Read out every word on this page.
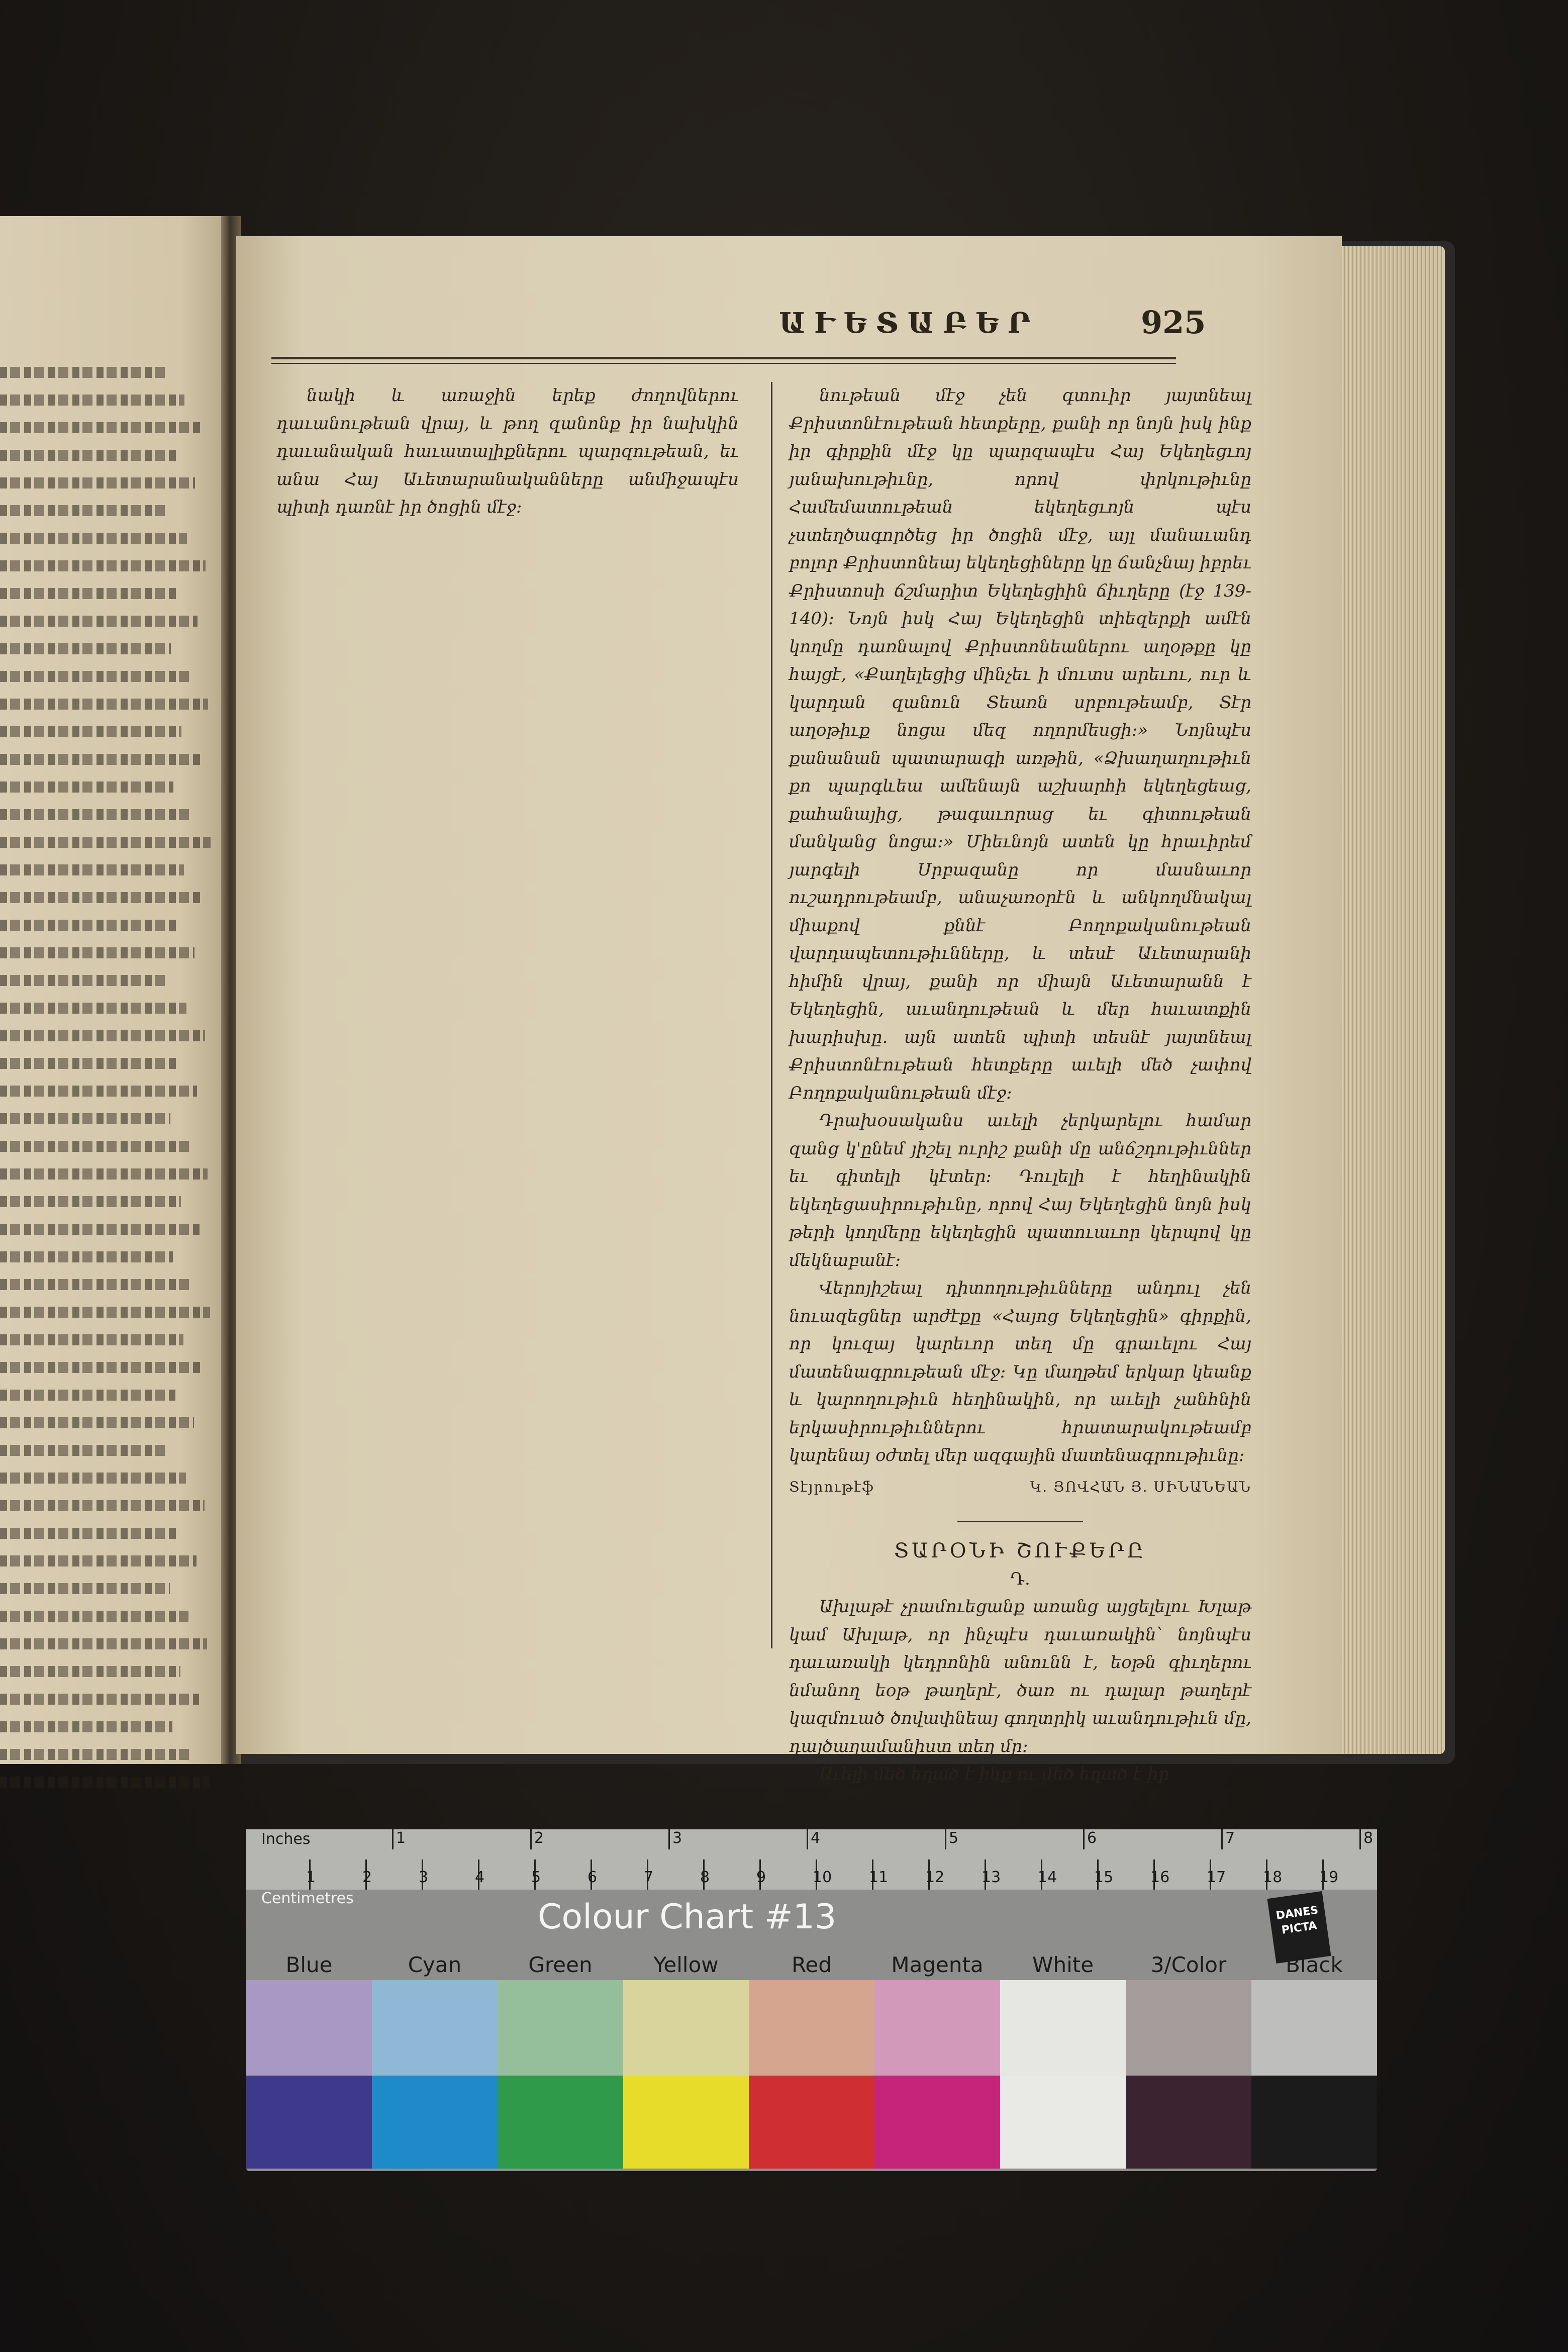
ԱՒԵՏԱԲԵՐ	925

նակի և առաջին երեք ժողովներու դաւանութեան վրայ, և թող զանոնք իր նախկին դաւանական հաւատալիքներու պարզութեան, եւ անա Հայ Աւետարանականները անմիջապէս պիտի դառնէ իր ծոցին մէջ։

նութեան մէջ չեն գտուիր յայտնեալ Քրիստոնէութեան հետքերը, քանի որ նոյն իսկ ինք իր գիրքին մէջ կը պարզապէս Հայ Եկեղեցւոյ յանախութիւնը, որով փրկութիւնը Համեմատութեան եկեղեցւոյն պէս չստեղծագործեց իր ծոցին մէջ, այլ մանաւանդ բոլոր Քրիստոնեայ եկեղեցիները կը ճանչնայ իբրեւ Քրիստոսի ճշմարիտ Եկեղեցիին ճիւղերը (էջ 139-140)։ Նոյն իսկ Հայ Եկեղեցին տիեզերքի ամէն կողմը դառնալով Քրիստոնեաներու աղօթքը կը հայցէ, «Քաղելեցից մինչեւ ի մուտս արեւու, ուր և կարդան զանուն Տեառն սրբութեամբ, Տէր աղօթիւք նոցա մեզ ողորմեսցի։» Նոյնպէս քանանան պատարագի առթին, «Ձխաղաղութիւն քո պարգևեա ամենայն աշխարհի եկեղեցեաց, քահանայից, թագաւորաց եւ գիտութեան մանկանց նոցա։» Միեւնոյն ատեն կը հրաւիրեմ յարգելի Սրբազանը որ մասնաւոր ուշադրութեամբ, անաչառօրէն և անկողմնակալ միաքով քննէ Բողոքականութեան վարդապետութիւնները, և տեսէ Աւետարանի հիմին վրայ, քանի որ միայն Աւետարանն է Եկեղեցին, աւանդութեան և մեր հաւատքին խարիսխը․ այն ատեն պիտի տեսնէ յայտնեալ Քրիստոնէութեան հետքերը աւելի մեծ չափով Բողոքականութեան մէջ։

Դրախօսականս աւելի չերկարելու համար զանց կ'ընեմ յիշել ուրիշ քանի մը անճշդութիւններ եւ գիտելի կէտեր։ Դուլելի է հեղինակին եկեղեցասիրութիւնը, որով Հայ Եկեղեցին նոյն իսկ թերի կողմերը եկեղեցին պատուաւոր կերպով կը մեկնաբանէ։

Վերոյիշեալ դիտողութիւնները անդուլ չեն նուազեցներ արժէքը «Հայոց Եկեղեցին» գիրքին, որ կուզայ կարեւոր տեղ մը գրաւելու Հայ մատենագրութեան մէջ։ Կը մաղթեմ երկար կեանք և կարողութիւն հեղինակին, որ աւելի չանհնին երկասիրութիւններու հրատարակութեամբ կարենայ օժտել մեր ազգային մատենագրութիւնը։

Տէյրութէֆ	Կ. ՅՈՎՀԱՆ Յ. ՍԻՆԱՆԵԱՆ
ՏԱՐՕՆԻ ՇՈՒՔԵՐԸ
Դ.

Ախլաթէ չրամուեցանք առանց այցելելու Խլաթ կամ Ախլաթ, որ ինչպէս դաւառակին՝ նոյնպէս դաւառակի կեդրոնին անունն է, եօթն գիւղերու նմանող եօթ թաղերէ, ծառ ու դալար թաղերէ կազմուած ծովափնեայ գողտրիկ աւանդութիւն մը, դայծաղամանիստ տեղ մը։

Աւելի մեծ եղած է ինք ու մեծ եղած է իր

Inches
Centimetres
1	2	3	4	5	6	7	8
1	2	3	4	5	6	7	8	9	10 11 12 13 14 15 16 17 18 19
Colour Chart #13	DANES
PICTA
Blue	Cyan	Green	Yellow	Red	Magenta	White	3/Color	Black
